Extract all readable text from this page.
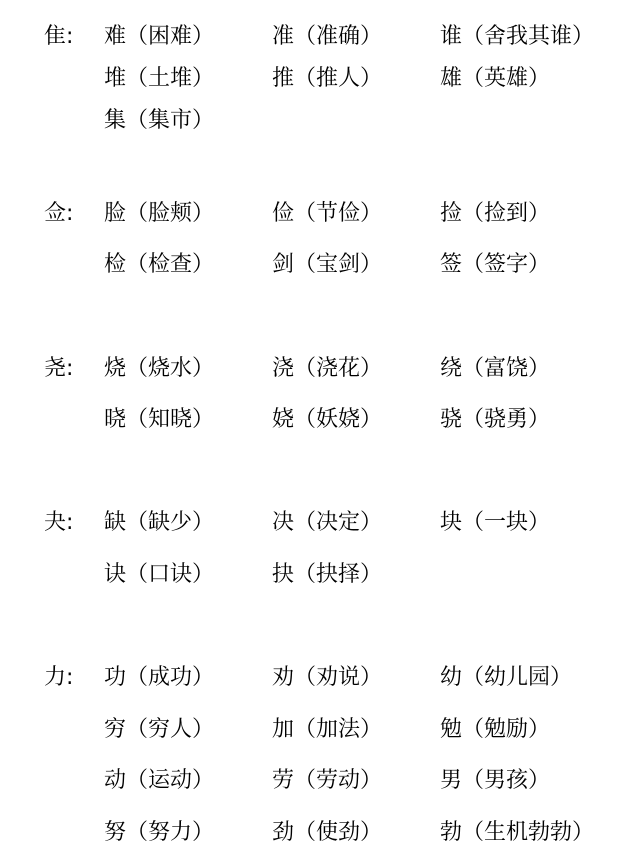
隹: 难（困难）	准（准确）	谁（舍我其谁）
堆（土堆）	推（推人）	雄（英雄）
集（集市）
佥: 脸（脸颊）	俭（节俭）	捡（捡到）
检（检查）	剑（宝剑）	签（签字）
尧: 烧（烧水）	浇（浇花）	绕（富饶）
晓（知晓）	娆（妖娆）	骁（骁勇）
夬: 缺（缺少）	决（决定）	块（一块）
诀（口诀）	抉（抉择）
力: 功（成功）	劝（劝说）	幼（幼儿园）
穷（穷人）	加（加法）	勉（勉励）
动（运动）	劳（劳动）	男（男孩）
努（努力）	劲（使劲）	勃（生机勃勃）
